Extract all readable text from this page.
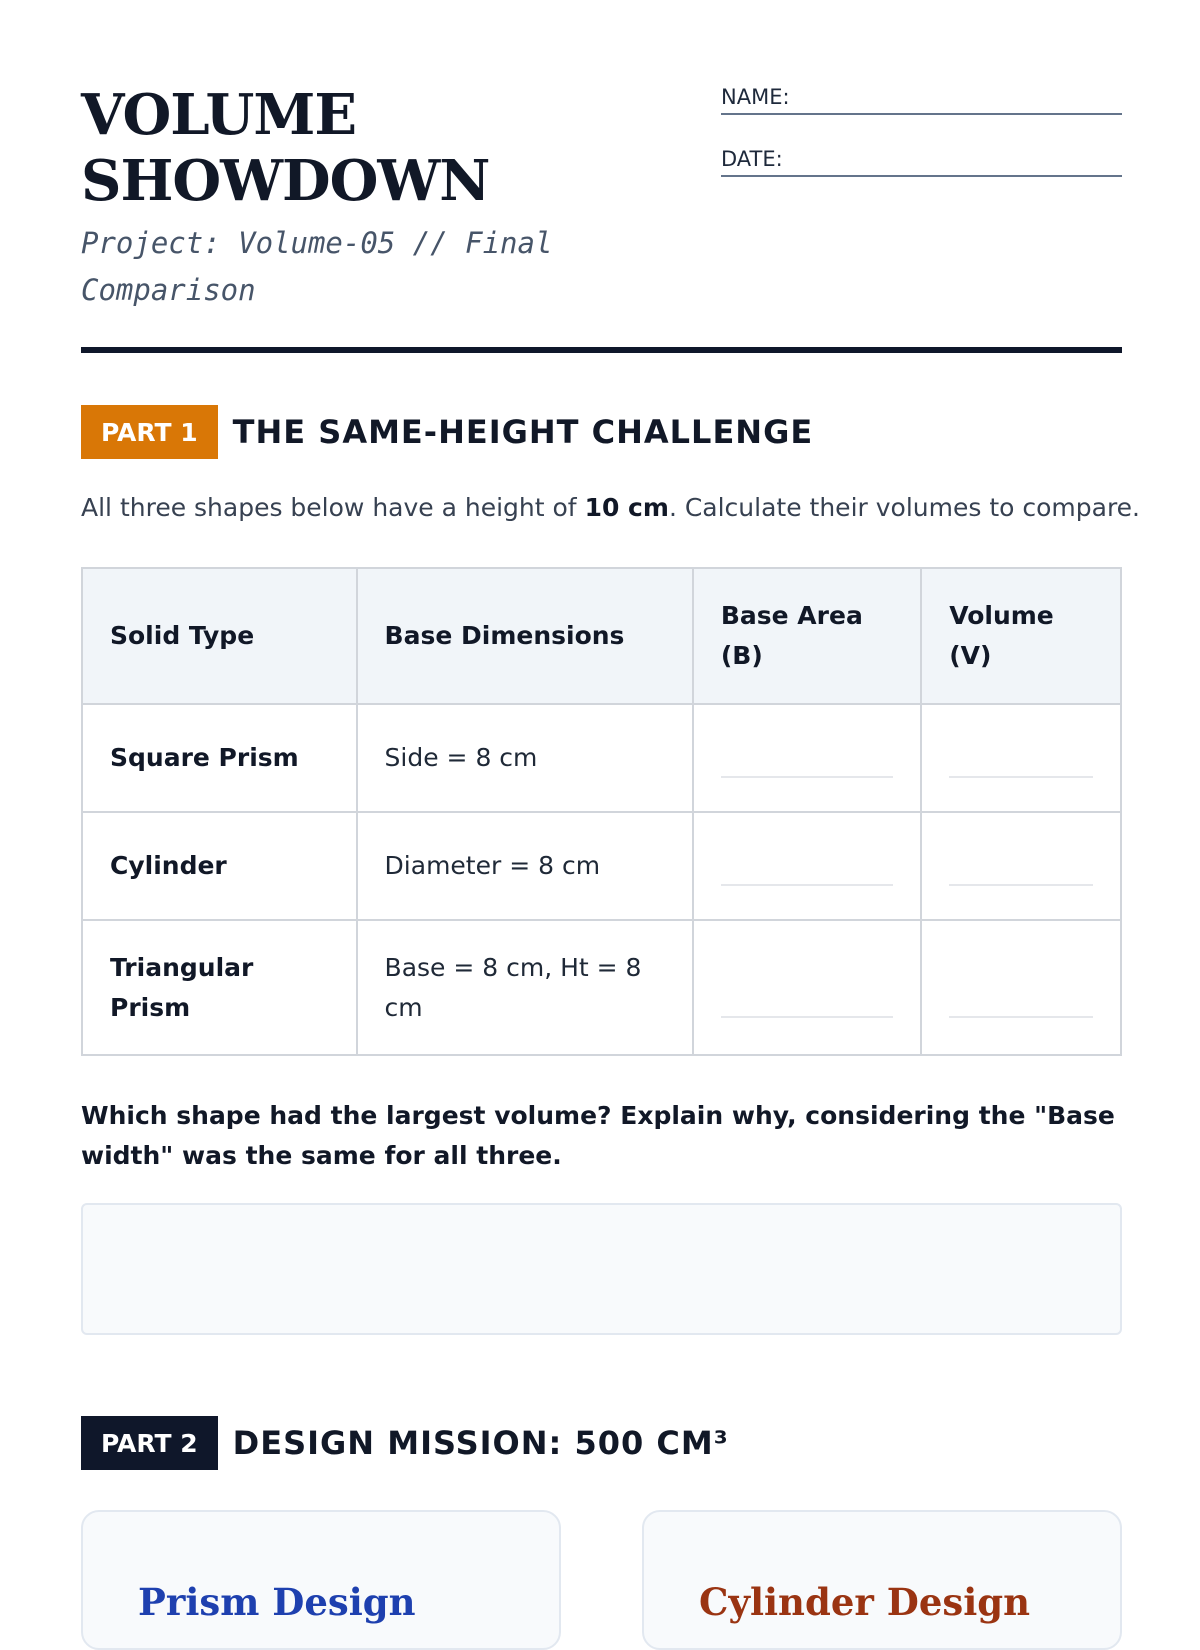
VOLUME SHOWDOWN
Project: Volume-05 // Final Comparison
NAME:
DATE:
PART 1	THE SAME-HEIGHT CHALLENGE

All three shapes below have a height of 10 cm. Calculate their volumes to compare.

Solid Type	Base Dimensions	Base Area (B)	Volume (V)
Square Prism	Side = 8 cm	

Cylinder	Diameter = 8 cm	

Triangular Prism	Base = 8 cm, Ht = 8 cm	

Which shape had the largest volume? Explain why, considering the "Base width" was the same for all three.

PART 2	DESIGN MISSION: 500 CM³
Prism Design	Cylinder Design
